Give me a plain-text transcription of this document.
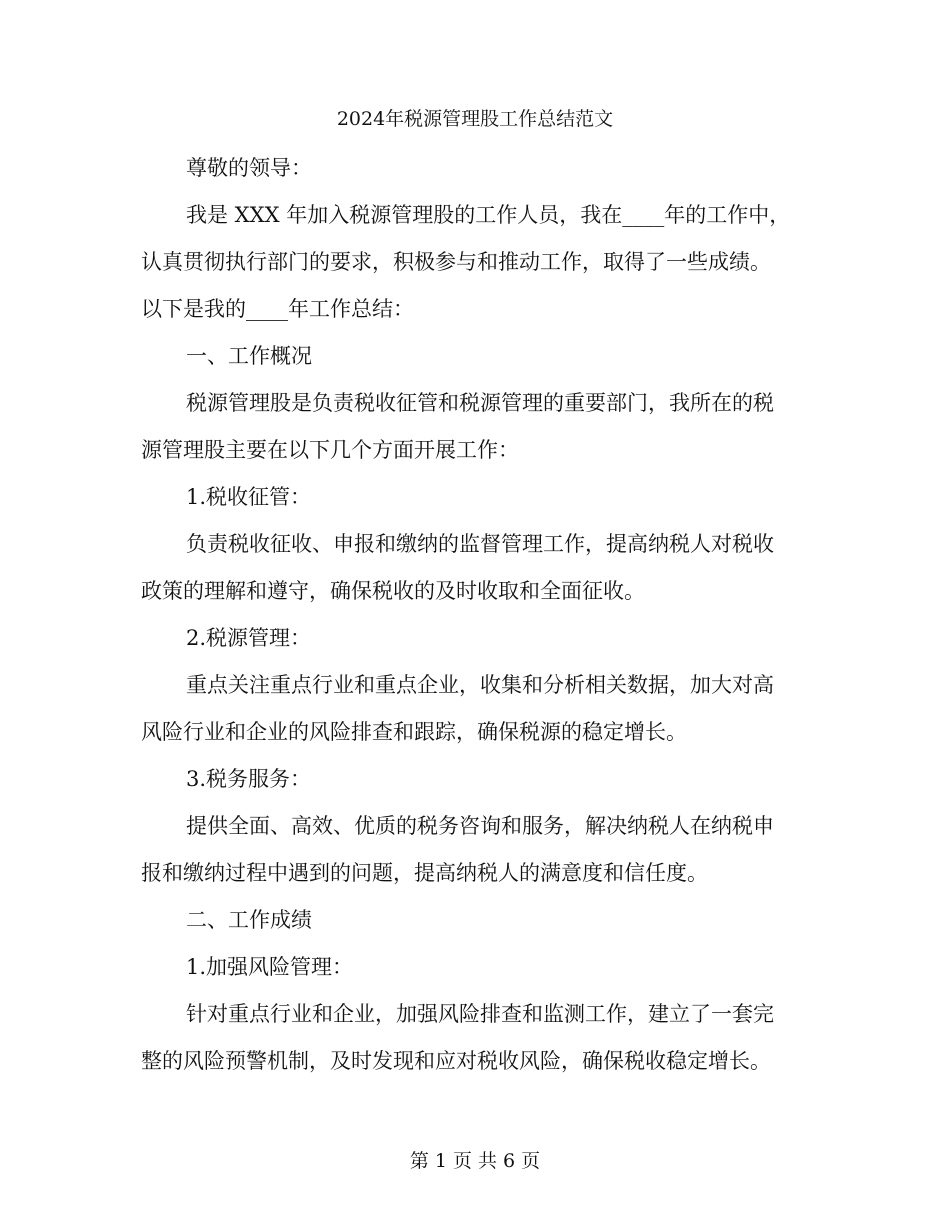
2024年税源管理股工作总结范文
尊敬的领导：
我是 XXX 年加入税源管理股的工作人员，我在____年的工作中，
认真贯彻执行部门的要求，积极参与和推动工作，取得了一些成绩。
以下是我的____年工作总结：
一、工作概况
税源管理股是负责税收征管和税源管理的重要部门，我所在的税
源管理股主要在以下几个方面开展工作：
1.税收征管：
负责税收征收、申报和缴纳的监督管理工作，提高纳税人对税收
政策的理解和遵守，确保税收的及时收取和全面征收。
2.税源管理：
重点关注重点行业和重点企业，收集和分析相关数据，加大对高
风险行业和企业的风险排查和跟踪，确保税源的稳定增长。
3.税务服务：
提供全面、高效、优质的税务咨询和服务，解决纳税人在纳税申
报和缴纳过程中遇到的问题，提高纳税人的满意度和信任度。
二、工作成绩
1.加强风险管理：
针对重点行业和企业，加强风险排查和监测工作，建立了一套完
整的风险预警机制，及时发现和应对税收风险，确保税收稳定增长。
第 1 页 共 6 页
